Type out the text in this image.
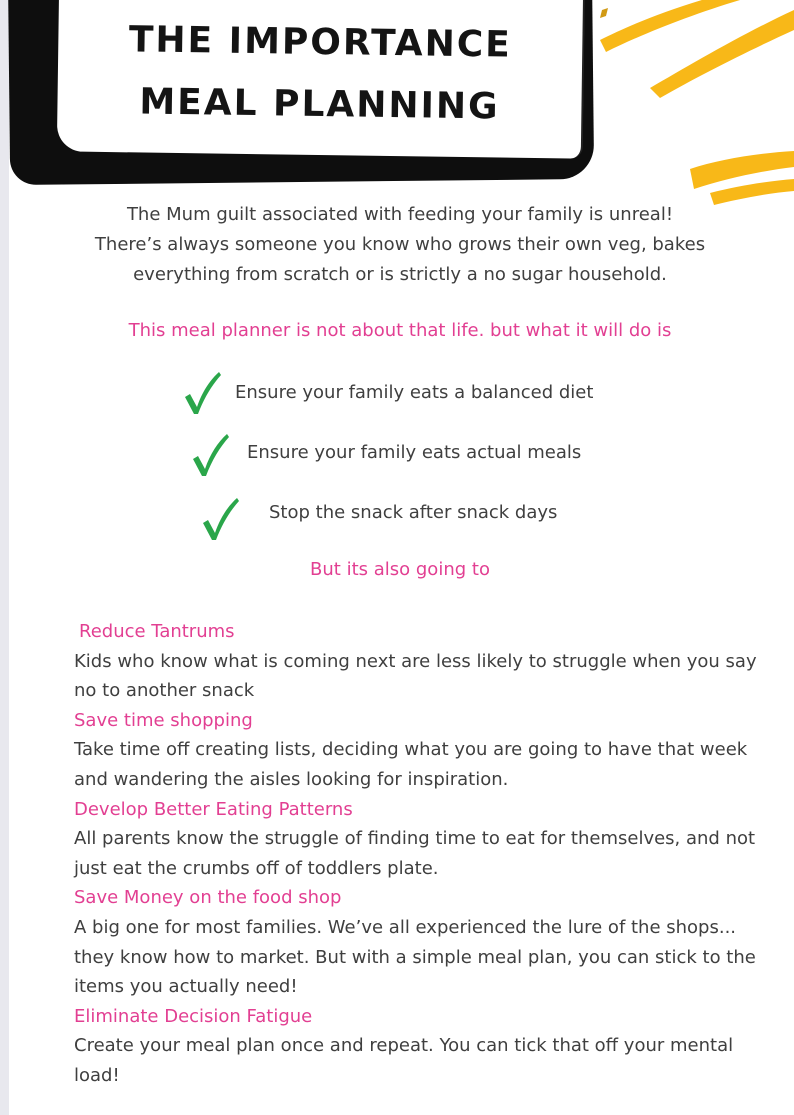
THE IMPORTANCE
MEAL PLANNING
The Mum guilt associated with feeding your family is unreal!
There’s always someone you know who grows their own veg, bakes
everything from scratch or is strictly a no sugar household.
This meal planner is not about that life. but what it will do is
Ensure your family eats a balanced diet
Ensure your family eats actual meals
Stop the snack after snack days
But its also going to
Reduce Tantrums
Kids who know what is coming next are less likely to struggle when you say no to another snack
Save time shopping
Take time off creating lists, deciding what you are going to have that week and wandering the aisles looking for inspiration.
Develop Better Eating Patterns
All parents know the struggle of finding time to eat for themselves, and not just eat the crumbs off of toddlers plate.
Save Money on the food shop
A big one for most families. We’ve all experienced the lure of the shops... they know how to market. But with a simple meal plan, you can stick to the items you actually need!
Eliminate Decision Fatigue
Create your meal plan once and repeat. You can tick that off your mental load!
